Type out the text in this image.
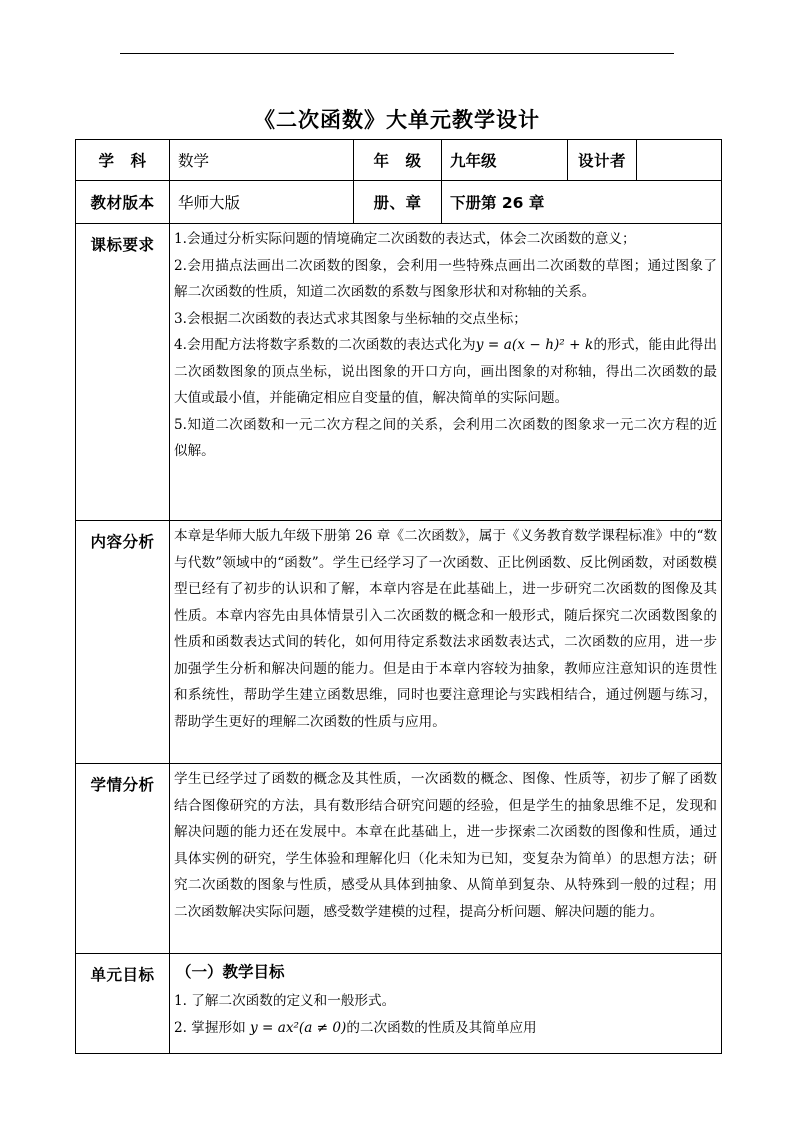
《二次函数》大单元教学设计
学　科	数学	年　级	九年级	设计者	
教材版本	华师大版	册、章	下册第 26 章		
课标要求	1.会通过分析实际问题的情境确定二次函数的表达式，体会二次函数的意义；

2.会用描点法画出二次函数的图象，会利用一些特殊点画出二次函数的草图；通过图象了解二次函数的性质，知道二次函数的系数与图象形状和对称轴的关系。

3.会根据二次函数的表达式求其图象与坐标轴的交点坐标；

4.会用配方法将数字系数的二次函数的表达式化为y = a(x − h)² + k的形式，能由此得出二次函数图象的顶点坐标，说出图象的开口方向，画出图象的对称轴，得出二次函数的最大值或最小值，并能确定相应自变量的值，解决简单的实际问题。

5.知道二次函数和一元二次方程之间的关系，会利用二次函数的图象求一元二次方程的近似解。				

内容分析	本章是华师大版九年级下册第 26 章《二次函数》，属于《义务教育数学课程标准》中的“数与代数”领域中的“函数”。学生已经学习了一次函数、正比例函数、反比例函数，对函数模型已经有了初步的认识和了解，本章内容是在此基础上，进一步研究二次函数的图像及其性质。本章内容先由具体情景引入二次函数的概念和一般形式，随后探究二次函数图象的性质和函数表达式间的转化，如何用待定系数法求函数表达式，二次函数的应用，进一步加强学生分析和解决问题的能力。但是由于本章内容较为抽象，教师应注意知识的连贯性和系统性，帮助学生建立函数思维，同时也要注意理论与实践相结合，通过例题与练习，帮助学生更好的理解二次函数的性质与应用。				
学情分析	学生已经学过了函数的概念及其性质，一次函数的概念、图像、性质等，初步了解了函数结合图像研究的方法，具有数形结合研究问题的经验，但是学生的抽象思维不足，发现和解决问题的能力还在发展中。本章在此基础上，进一步探索二次函数的图像和性质，通过具体实例的研究，学生体验和理解化归（化未知为已知，变复杂为简单）的思想方法；研究二次函数的图象与性质，感受从具体到抽象、从简单到复杂、从特殊到一般的过程；用二次函数解决实际问题，感受数学建模的过程，提高分析问题、解决问题的能力。				
单元目标	（一）教学目标

1. 了解二次函数的定义和一般形式。

2. 掌握形如 y = ax²(a ≠ 0)的二次函数的性质及其简单应用				
